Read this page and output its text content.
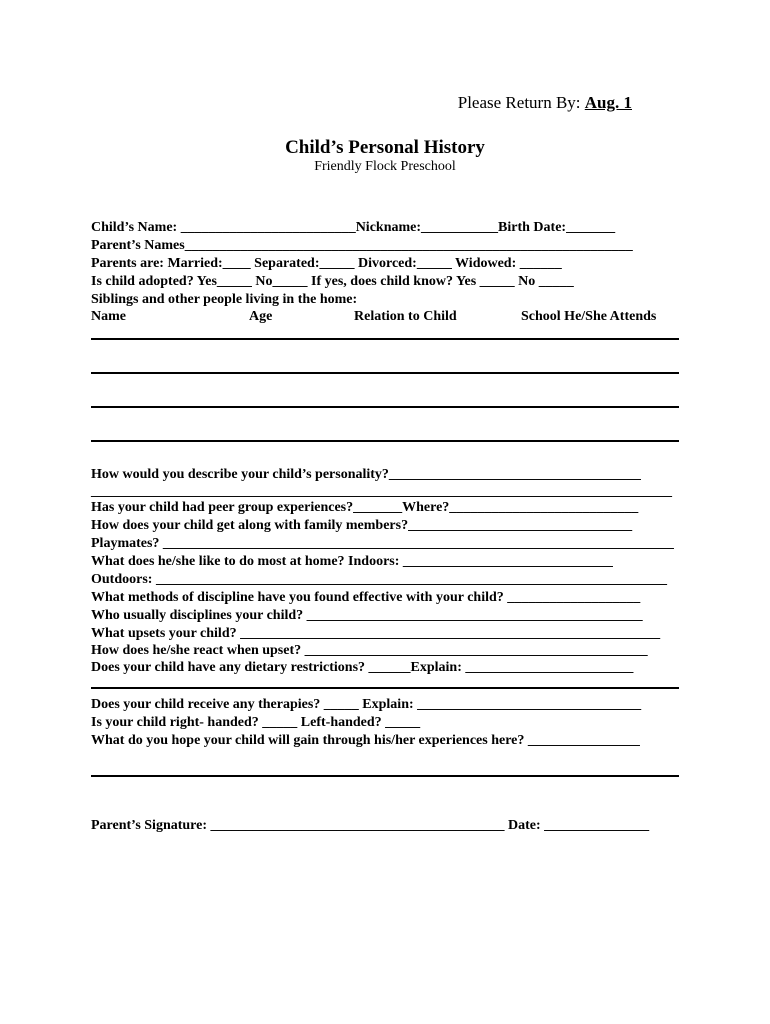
Please Return By: Aug. 1
Child’s Personal History
Friendly Flock Preschool
Child’s Name: _________________________Nickname:___________Birth Date:_______
Parent’s Names________________________________________________________________
Parents are: Married:____ Separated:_____ Divorced:_____ Widowed: ______
Is child adopted? Yes_____ No_____ If yes, does child know? Yes _____ No _____
Siblings and other people living in the home:
Name	Age	Relation to Child	School He/She Attends
How would you describe your child’s personality?____________________________________
___________________________________________________________________________________
Has your child had peer group experiences?_______Where?___________________________
How does your child get along with family members?________________________________
Playmates? _________________________________________________________________________
What does he/she like to do most at home? Indoors: ______________________________
Outdoors: _________________________________________________________________________
What methods of discipline have you found effective with your child? ___________________
Who usually disciplines your child? ________________________________________________
What upsets your child? ____________________________________________________________
How does he/she react when upset? _________________________________________________
Does your child have any dietary restrictions? ______Explain: ________________________
Does your child receive any therapies? _____ Explain: ________________________________
Is your child right- handed? _____ Left-handed? _____
What do you hope your child will gain through his/her experiences here? ________________
Parent’s Signature: __________________________________________ Date: _______________
